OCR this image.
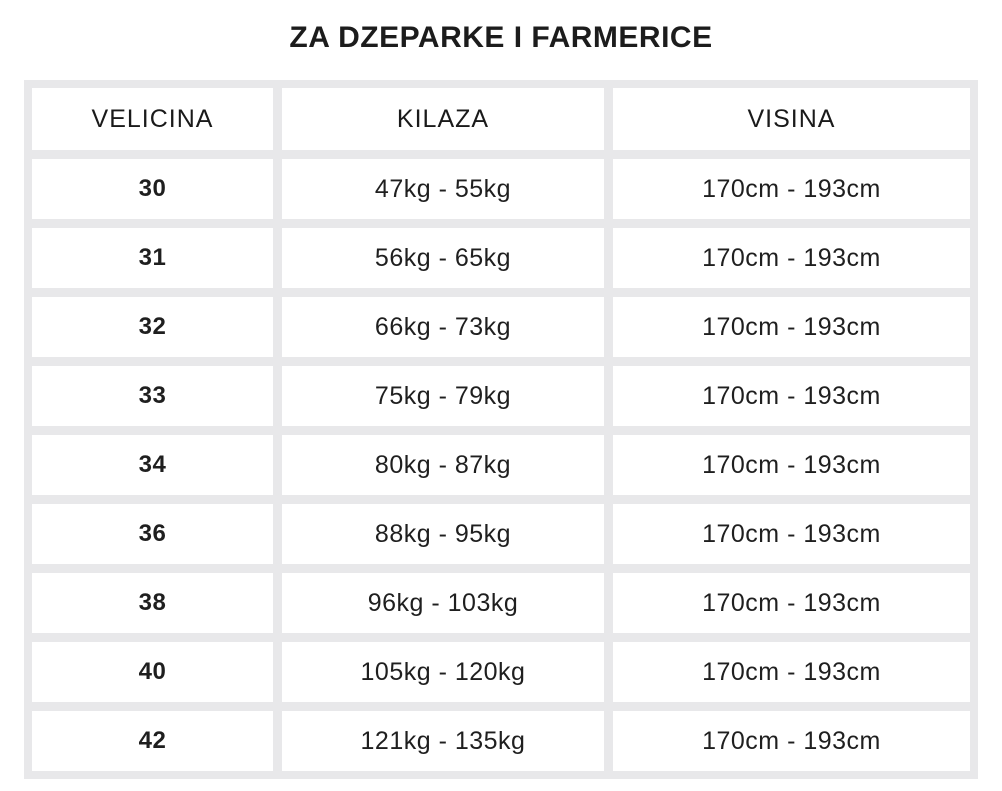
ZA DZEPARKE I FARMERICE
VELICINA	KILAZA	VISINA
30	47kg - 55kg	170cm - 193cm
31	56kg - 65kg	170cm - 193cm
32	66kg - 73kg	170cm - 193cm
33	75kg - 79kg	170cm - 193cm
34	80kg - 87kg	170cm - 193cm
36	88kg - 95kg	170cm - 193cm
38	96kg - 103kg	170cm - 193cm
40	105kg - 120kg	170cm - 193cm
42	121kg - 135kg	170cm - 193cm
